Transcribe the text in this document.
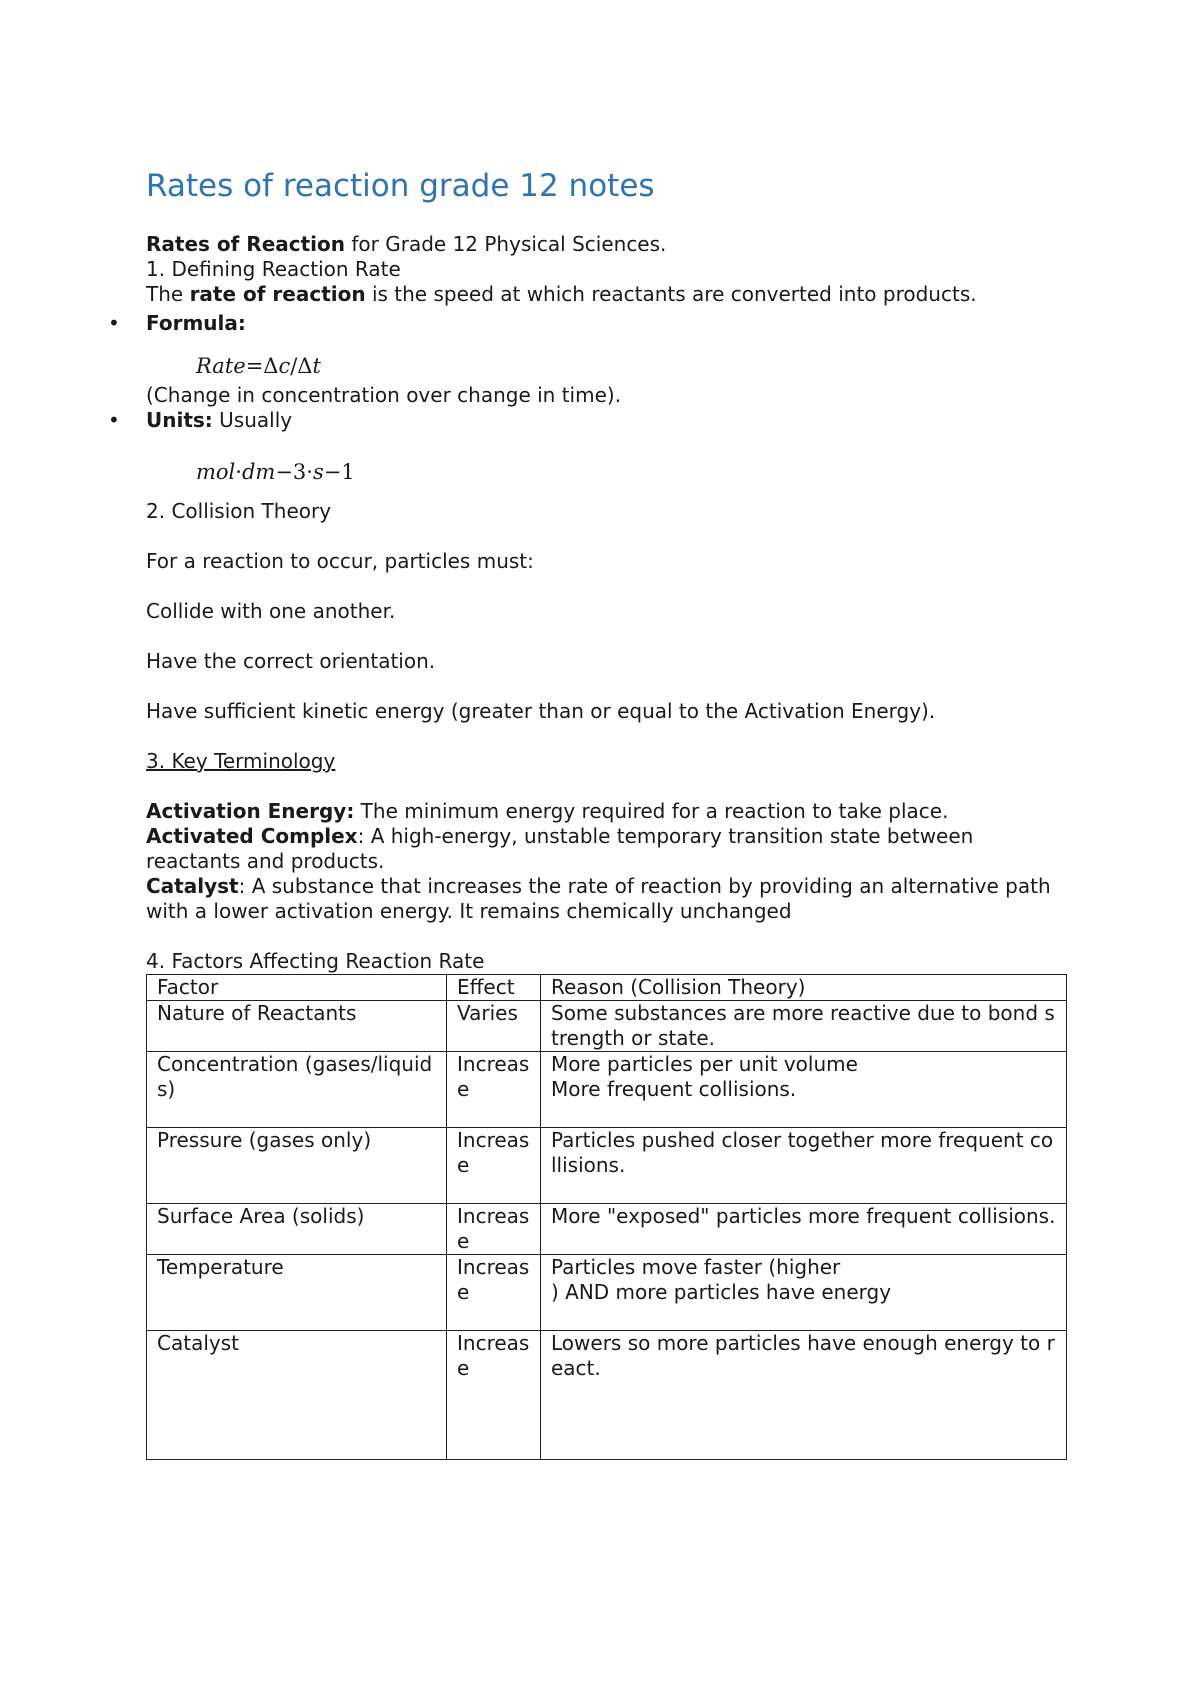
Rates of reaction grade 12 notes

Rates of Reaction for Grade 12 Physical Sciences.

1. Defining Reaction Rate

The rate of reaction is the speed at which reactants are converted into products.

• Formula:

Rate=Δc/Δt

(Change in concentration over change in time).

• Units: Usually

mol·dm−3·s−1

2. Collision Theory

For a reaction to occur, particles must:

Collide with one another.

Have the correct orientation.

Have sufficient kinetic energy (greater than or equal to the Activation Energy).

3. Key Terminology

Activation Energy: The minimum energy required for a reaction to take place.

Activated Complex: A high-energy, unstable temporary transition state between reactants and products.

Catalyst: A substance that increases the rate of reaction by providing an alternative path with a lower activation energy. It remains chemically unchanged

4. Factors Affecting Reaction Rate

Factor	Effect	Reason (Collision Theory)
Nature of Reactants	Varies	Some substances are more reactive due to bond strength or state.
Concentration (gases/liquids)	Increase	More particles per unit volume
More frequent collisions.

Pressure (gases only)	Increase	Particles pushed closer together more frequent collisions.
Surface Area (solids)	Increase	More "exposed" particles more frequent collisions.
Temperature	Increase	Particles move faster (higher
) AND more particles have energy

Catalyst	Increase	Lowers so more particles have enough energy to react.
